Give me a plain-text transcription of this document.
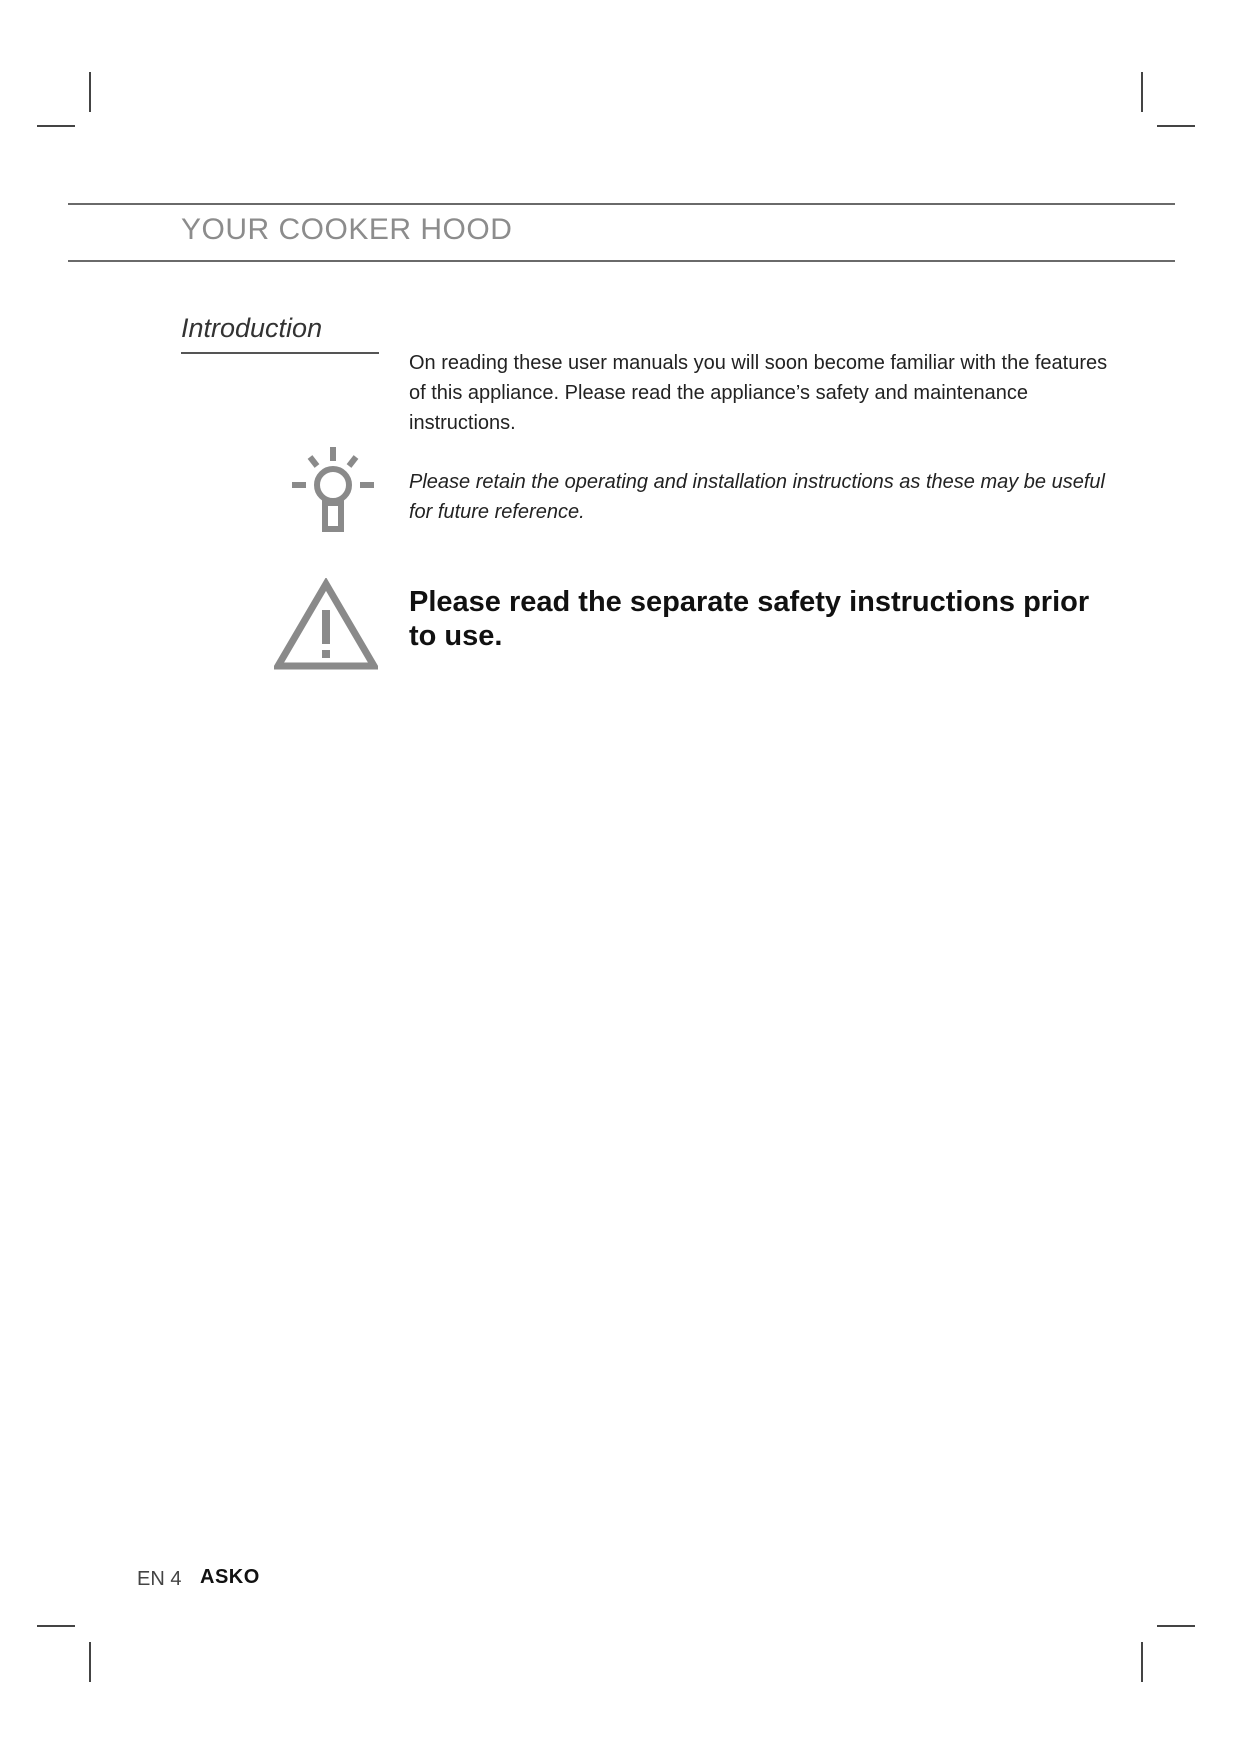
YOUR COOKER HOOD
Introduction

On reading these user manuals you will soon become familiar with the features of this appliance. Please read the appliance’s safety and maintenance instructions.

Please retain the operating and installation instructions as these may be useful for future reference.

Please read the separate safety instructions prior to use.

EN 4 ASKO
